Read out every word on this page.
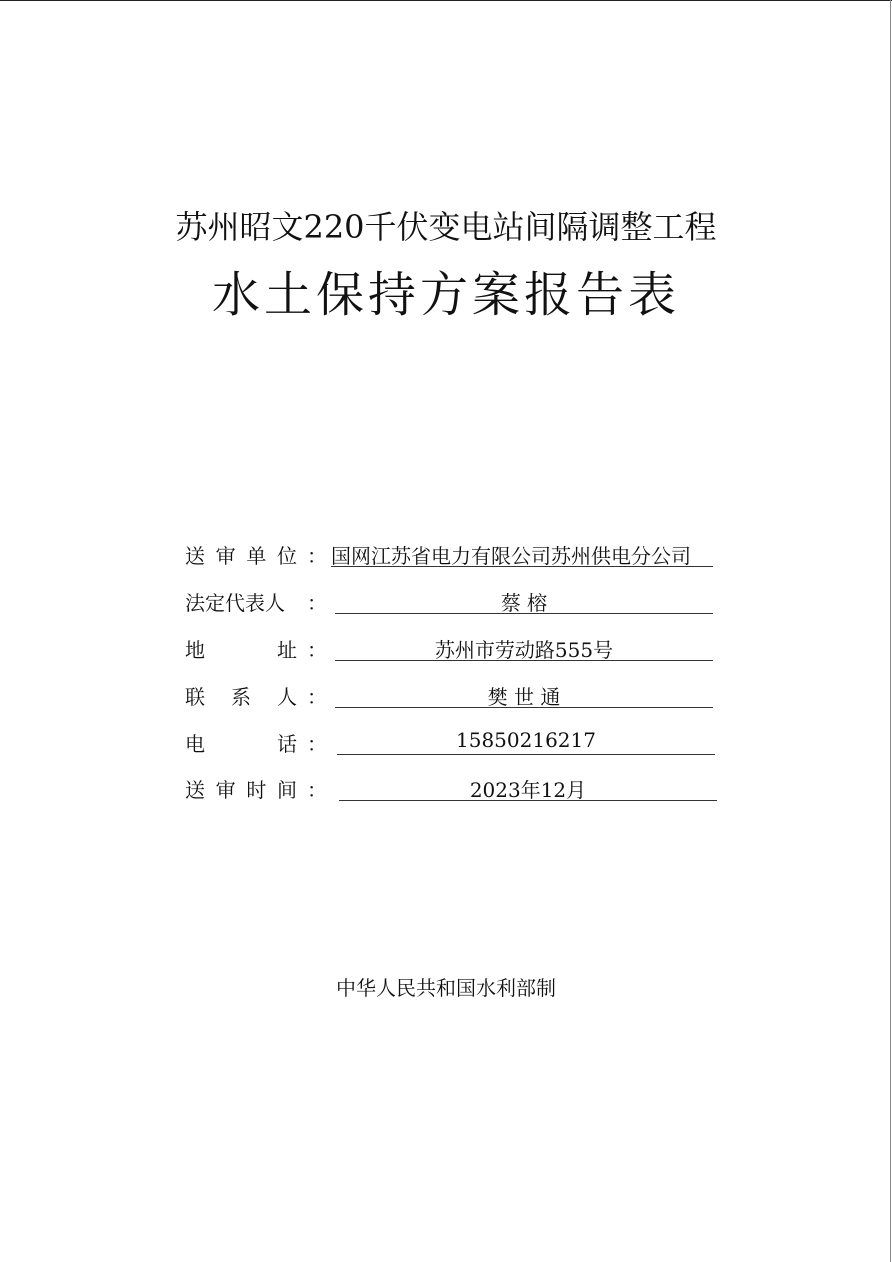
苏州昭文220千伏变电站间隔调整工程
水土保持方案报告表
送 审 单 位 ： 国网江苏省电力有限公司苏州供电分公司
法定代表人 ：	蔡 榕
地	址 ：	苏州市劳动路555号
联 系 人 ：	樊 世 通
电	话 ：	15850216217
送 审 时 间 ：	2023年12月
中华人民共和国水利部制
